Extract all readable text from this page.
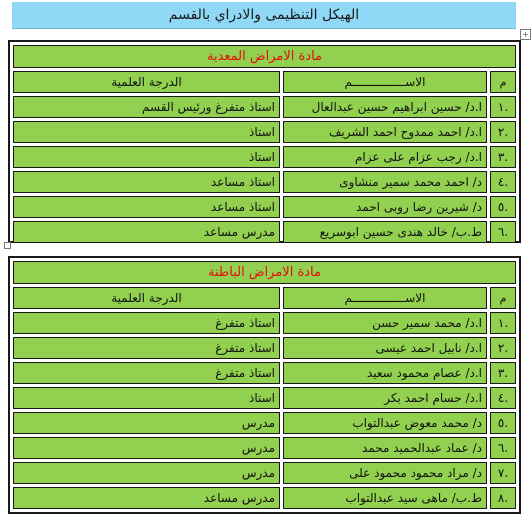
الهيكل التنظيمى والادراي بالقسم
+
مادة الامراض المعدية		
م	الاســـــــــــــــم	الدرجة العلمية
.١	ا.د/ حسين ابراهيم حسين عبدالعال	استاذ متفرغ ورئيس القسم
.٢	ا.د/ احمد ممدوح احمد الشريف	استاذ
.٣	ا.د/ رجب عزام على عزام	استاذ
.٤	د/ احمد محمد سمير منشاوى	استاذ مساعد
.٥	د/ شيرين رضا روبى احمد	استاذ مساعد
.٦	ط.ب/ خالد هندى حسين ابوسريع	مدرس مساعد
مادة الامراض الباطنة		
م	الاســـــــــــــــم	الدرجة العلمية
.١	ا.د/ محمد سمير حسن	استاذ متفرغ
.٢	ا.د/ نابيل احمد عيسى	استاذ متفرغ
.٣	ا.د/ عصام محمود سعيد	استاذ متفرغ
.٤	ا.د/ حسام احمد بكر	استاذ
.٥	د/ محمد معوض عبدالتواب	مدرس
.٦	د/ عماد عبدالحميد محمد	مدرس
.٧	د/ مراد محمود محمود على	مدرس
.٨	ط.ب/ ماهى سيد عبدالتواب	مدرس مساعد
